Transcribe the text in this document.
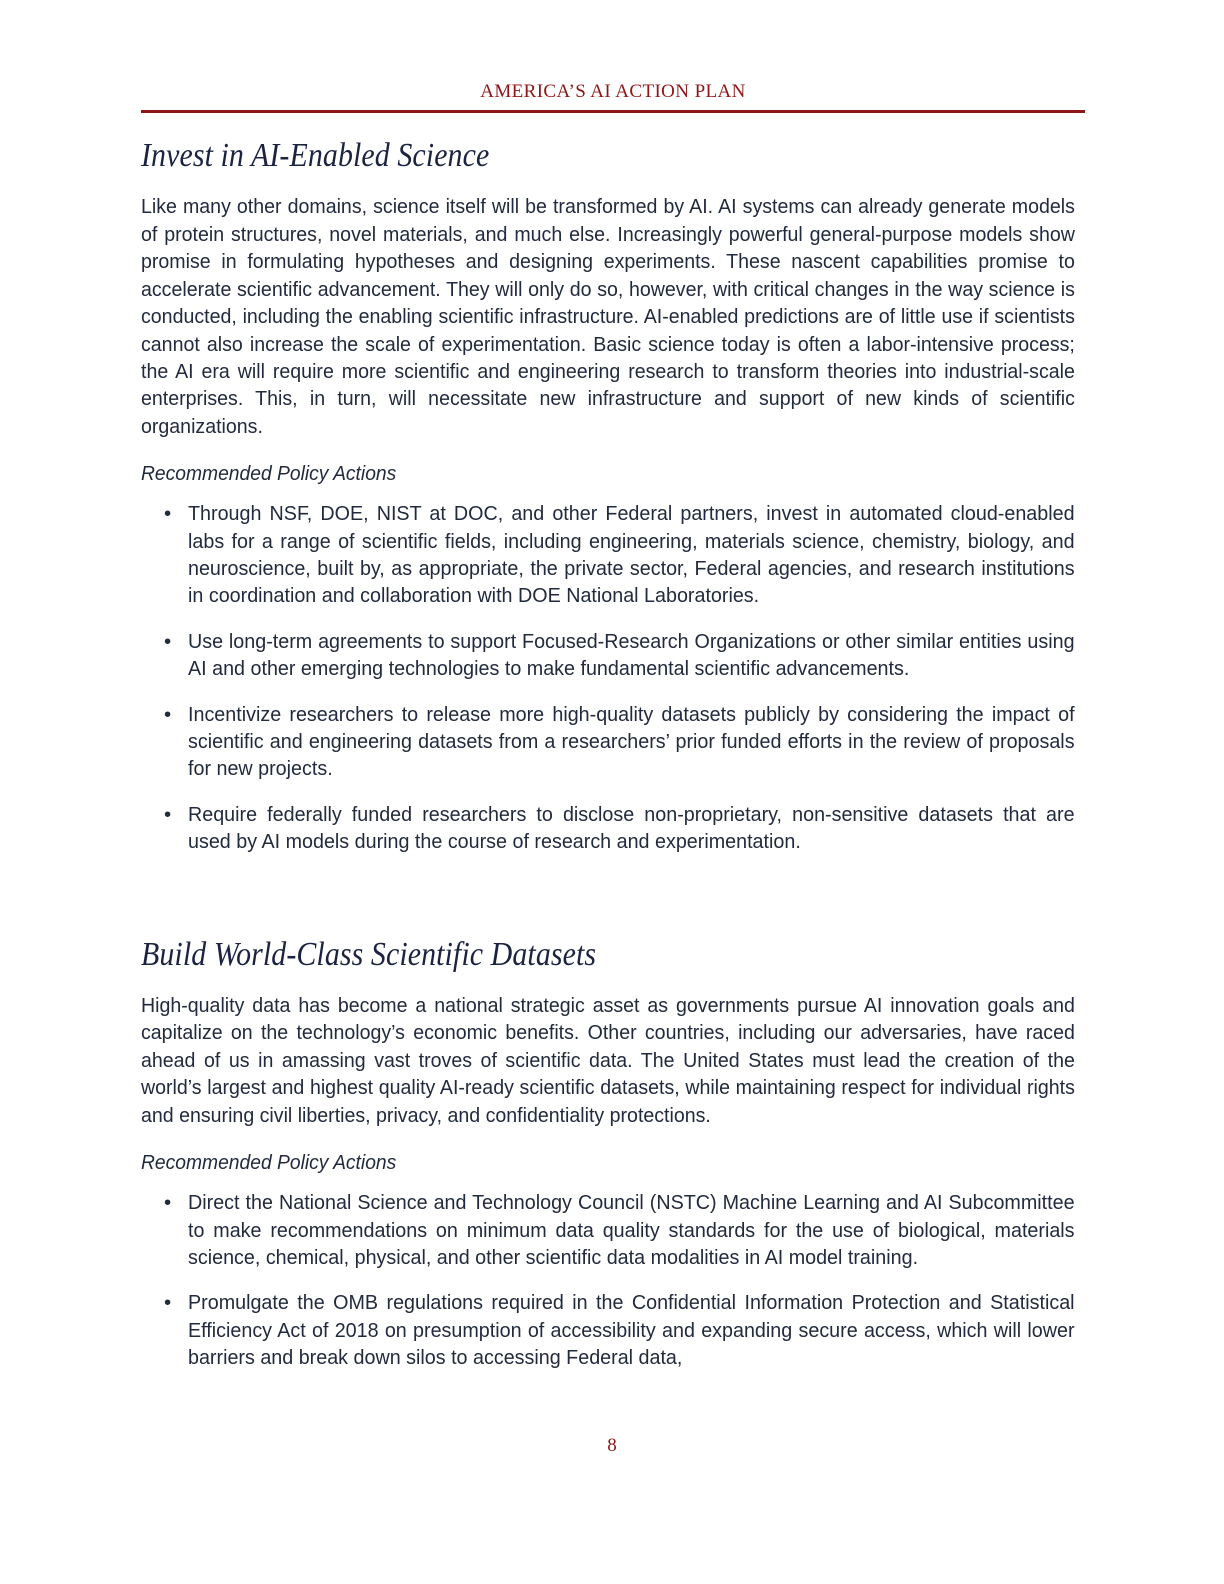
AMERICA’S AI ACTION PLAN
Invest in AI-Enabled Science

Like many other domains, science itself will be transformed by AI. AI systems can already generate models of protein structures, novel materials, and much else. Increasingly powerful general-purpose models show promise in formulating hypotheses and designing experiments. These nascent capabilities promise to accelerate scientific advancement. They will only do so, however, with critical changes in the way science is conducted, including the enabling scientific infrastructure. AI-enabled predictions are of little use if scientists cannot also increase the scale of experimentation. Basic science today is often a labor-intensive process; the AI era will require more scientific and engineering research to transform theories into industrial-scale enterprises. This, in turn, will necessitate new infrastructure and support of new kinds of scientific organizations.

Recommended Policy Actions

• Through NSF, DOE, NIST at DOC, and other Federal partners, invest in automated cloud-enabled labs for a range of scientific fields, including engineering, materials science, chemistry, biology, and neuroscience, built by, as appropriate, the private sector, Federal agencies, and research institutions in coordination and collaboration with DOE National Laboratories.
• Use long-term agreements to support Focused-Research Organizations or other similar entities using AI and other emerging technologies to make fundamental scientific advancements.
• Incentivize researchers to release more high-quality datasets publicly by considering the impact of scientific and engineering datasets from a researchers’ prior funded efforts in the review of proposals for new projects.
• Require federally funded researchers to disclose non-proprietary, non-sensitive datasets that are used by AI models during the course of research and experimentation.
Build World-Class Scientific Datasets

High-quality data has become a national strategic asset as governments pursue AI innovation goals and capitalize on the technology’s economic benefits. Other countries, including our adversaries, have raced ahead of us in amassing vast troves of scientific data. The United States must lead the creation of the world’s largest and highest quality AI-ready scientific datasets, while maintaining respect for individual rights and ensuring civil liberties, privacy, and confidentiality protections.

Recommended Policy Actions

• Direct the National Science and Technology Council (NSTC) Machine Learning and AI Subcommittee to make recommendations on minimum data quality standards for the use of biological, materials science, chemical, physical, and other scientific data modalities in AI model training.
• Promulgate the OMB regulations required in the Confidential Information Protection and Statistical Efficiency Act of 2018 on presumption of accessibility and expanding secure access, which will lower barriers and break down silos to accessing Federal data,
8
